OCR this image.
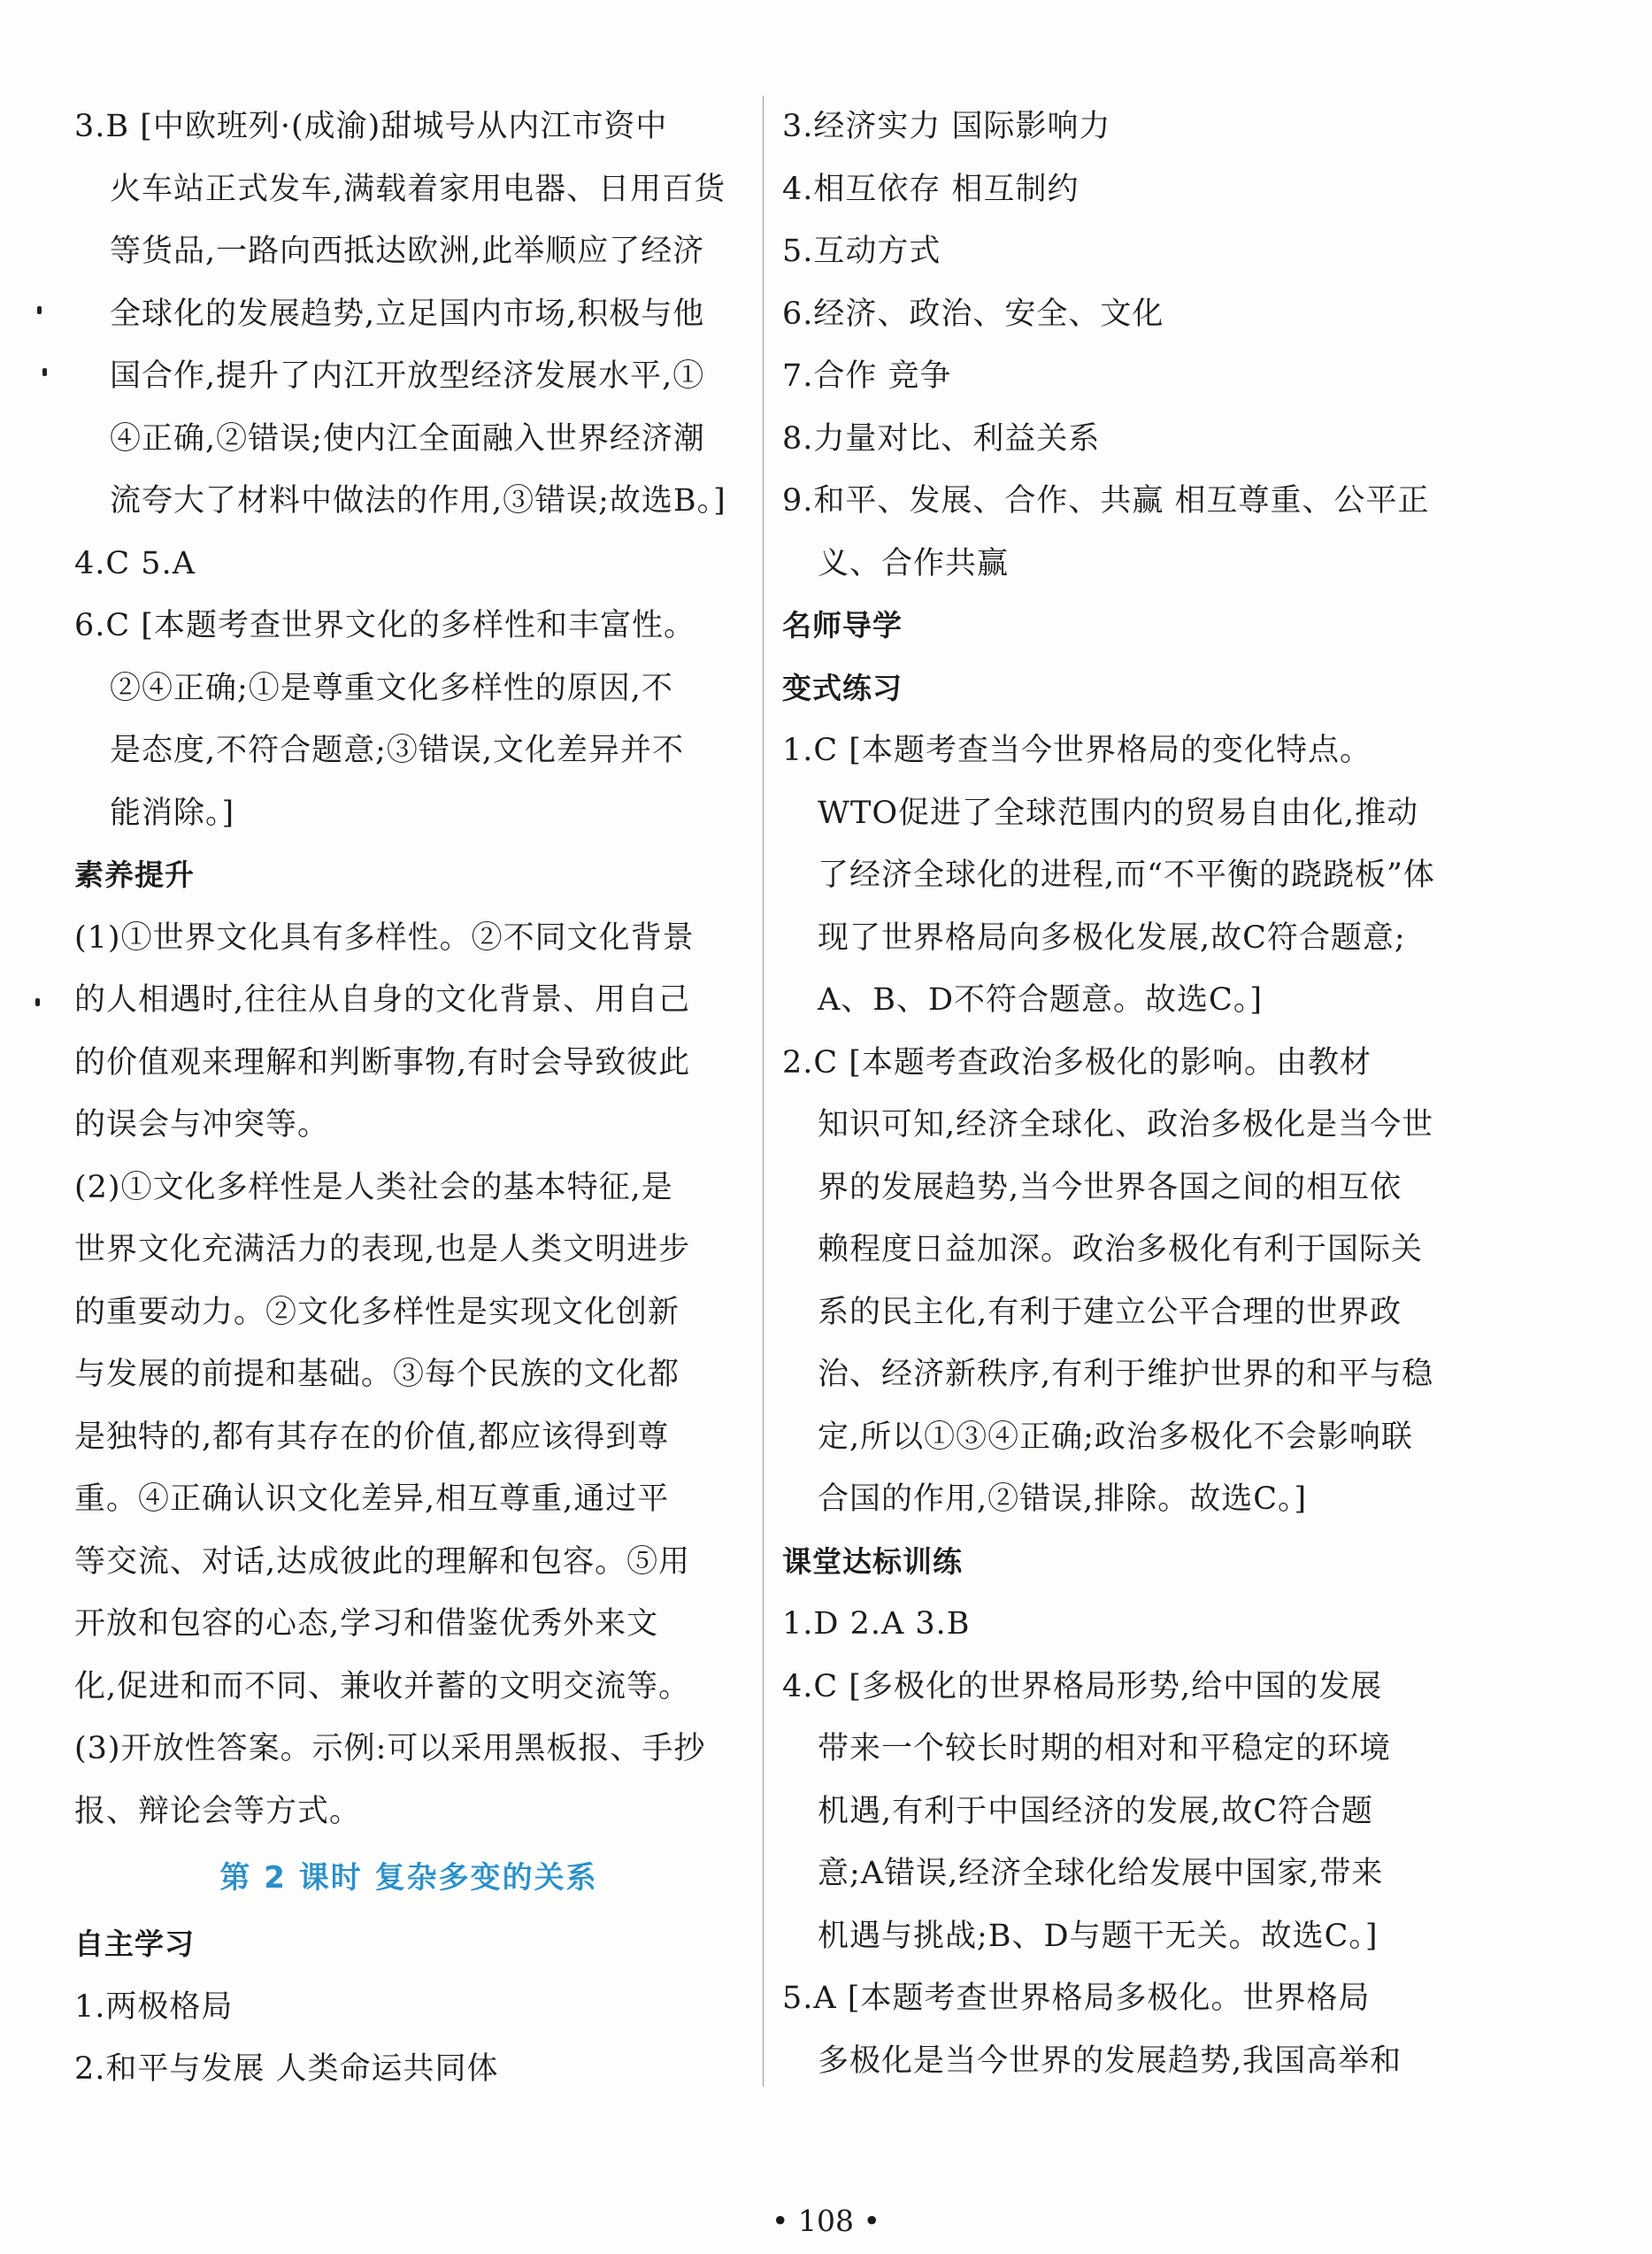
3.B [中欧班列·(成渝)甜城号从内江市资中
火车站正式发车,满载着家用电器、日用百货
等货品,一路向西抵达欧洲,此举顺应了经济
全球化的发展趋势,立足国内市场,积极与他
国合作,提升了内江开放型经济发展水平,①
④正确,②错误;使内江全面融入世界经济潮
流夸大了材料中做法的作用,③错误;故选B。]
4.C 5.A
6.C [本题考查世界文化的多样性和丰富性。
②④正确;①是尊重文化多样性的原因,不
是态度,不符合题意;③错误,文化差异并不
能消除。]
素养提升
(1)①世界文化具有多样性。②不同文化背景
的人相遇时,往往从自身的文化背景、用自己
的价值观来理解和判断事物,有时会导致彼此
的误会与冲突等。
(2)①文化多样性是人类社会的基本特征,是
世界文化充满活力的表现,也是人类文明进步
的重要动力。②文化多样性是实现文化创新
与发展的前提和基础。③每个民族的文化都
是独特的,都有其存在的价值,都应该得到尊
重。④正确认识文化差异,相互尊重,通过平
等交流、对话,达成彼此的理解和包容。⑤用
开放和包容的心态,学习和借鉴优秀外来文
化,促进和而不同、兼收并蓄的文明交流等。
(3)开放性答案。示例:可以采用黑板报、手抄
报、辩论会等方式。
第 2 课时 复杂多变的关系
自主学习
1.两极格局
2.和平与发展 人类命运共同体
3.经济实力 国际影响力
4.相互依存 相互制约
5.互动方式
6.经济、政治、安全、文化
7.合作 竞争
8.力量对比、利益关系
9.和平、发展、合作、共赢 相互尊重、公平正
义、合作共赢
名师导学
变式练习
1.C [本题考查当今世界格局的变化特点。
WTO促进了全球范围内的贸易自由化,推动
了经济全球化的进程,而“不平衡的跷跷板”体
现了世界格局向多极化发展,故C符合题意;
A、B、D不符合题意。故选C。]
2.C [本题考查政治多极化的影响。由教材
知识可知,经济全球化、政治多极化是当今世
界的发展趋势,当今世界各国之间的相互依
赖程度日益加深。政治多极化有利于国际关
系的民主化,有利于建立公平合理的世界政
治、经济新秩序,有利于维护世界的和平与稳
定,所以①③④正确;政治多极化不会影响联
合国的作用,②错误,排除。故选C。]
课堂达标训练
1.D 2.A 3.B
4.C [多极化的世界格局形势,给中国的发展
带来一个较长时期的相对和平稳定的环境
机遇,有利于中国经济的发展,故C符合题
意;A错误,经济全球化给发展中国家,带来
机遇与挑战;B、D与题干无关。故选C。]
5.A [本题考查世界格局多极化。世界格局
多极化是当今世界的发展趋势,我国高举和
• 108 •
